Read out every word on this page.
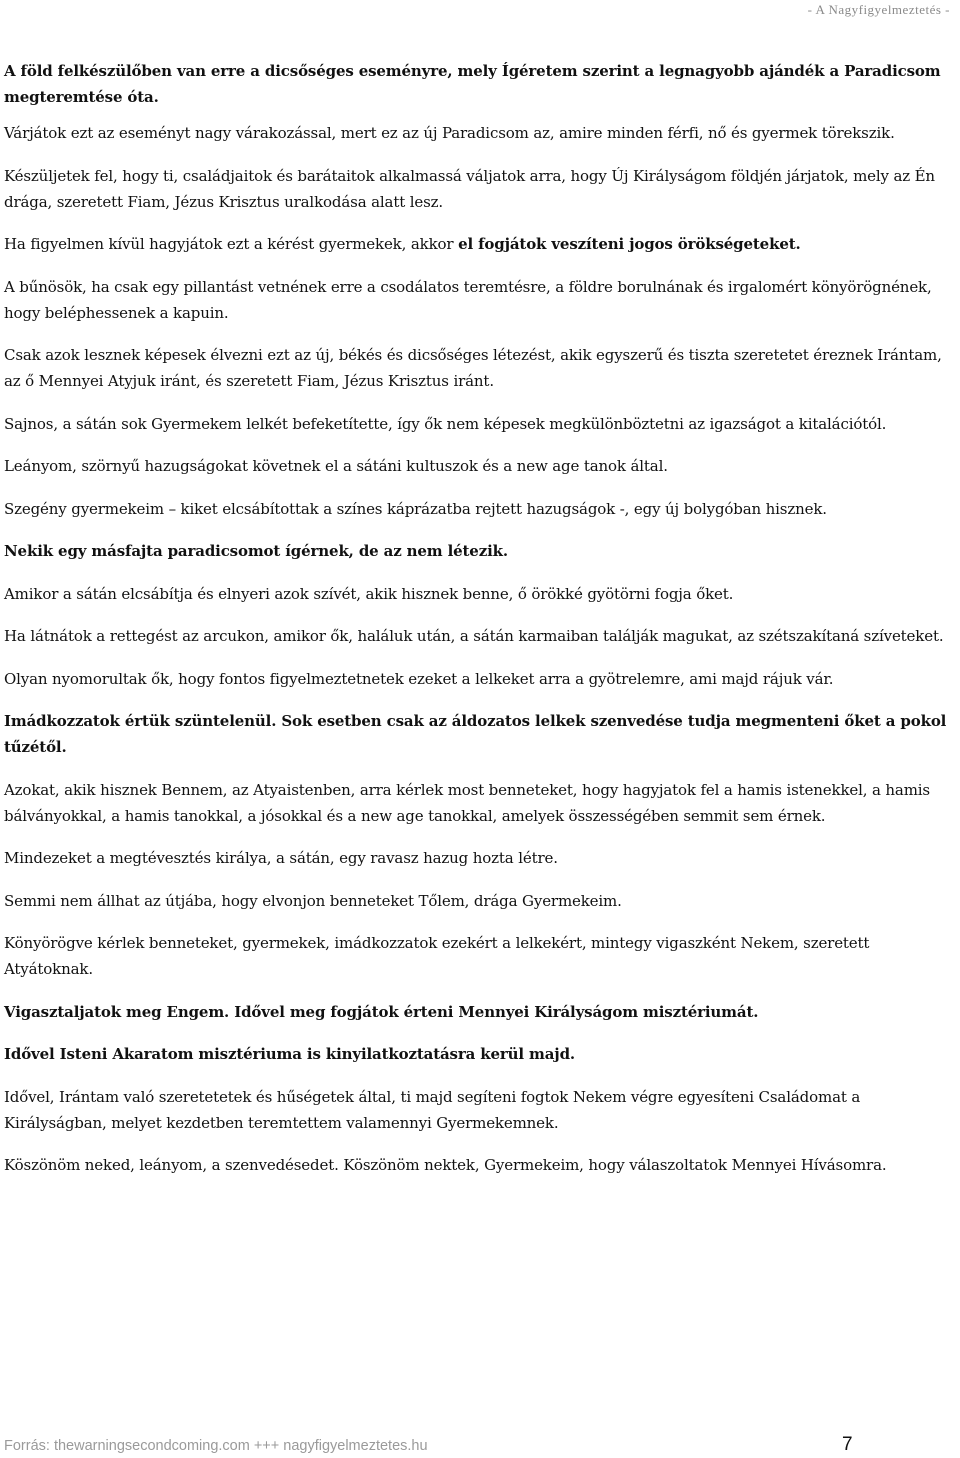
- A Nagyfigyelmeztetés -

A föld felkészülőben van erre a dicsőséges eseményre, mely Ígéretem szerint a legnagyobb ajándék a Paradicsom megteremtése óta.

Várjátok ezt az eseményt nagy várakozással, mert ez az új Paradicsom az, amire minden férfi, nő és gyermek törekszik.

Készüljetek fel, hogy ti, családjaitok és barátaitok alkalmassá váljatok arra, hogy Új Királyságom földjén járjatok, mely az Én drága, szeretett Fiam, Jézus Krisztus uralkodása alatt lesz.

Ha figyelmen kívül hagyjátok ezt a kérést gyermekek, akkor el fogjátok veszíteni jogos örökségeteket.

A bűnösök, ha csak egy pillantást vetnének erre a csodálatos teremtésre, a földre borulnának és irgalomért könyörögnének, hogy beléphessenek a kapuin.

Csak azok lesznek képesek élvezni ezt az új, békés és dicsőséges létezést, akik egyszerű és tiszta szeretetet éreznek Irántam, az ő Mennyei Atyjuk iránt, és szeretett Fiam, Jézus Krisztus iránt.

Sajnos, a sátán sok Gyermekem lelkét befeketítette, így ők nem képesek megkülönböztetni az igazságot a kitalációtól.

Leányom, szörnyű hazugságokat követnek el a sátáni kultuszok és a new age tanok által.

Szegény gyermekeim – kiket elcsábítottak a színes káprázatba rejtett hazugságok -, egy új bolygóban hisznek.

Nekik egy másfajta paradicsomot ígérnek, de az nem létezik.

Amikor a sátán elcsábítja és elnyeri azok szívét, akik hisznek benne, ő örökké gyötörni fogja őket.

Ha látnátok a rettegést az arcukon, amikor ők, haláluk után, a sátán karmaiban találják magukat, az szétszakítaná szíveteket.

Olyan nyomorultak ők, hogy fontos figyelmeztetnetek ezeket a lelkeket arra a gyötrelemre, ami majd rájuk vár.

Imádkozzatok értük szüntelenül. Sok esetben csak az áldozatos lelkek szenvedése tudja megmenteni őket a pokol tűzétől.

Azokat, akik hisznek Bennem, az Atyaistenben, arra kérlek most benneteket, hogy hagyjatok fel a hamis istenekkel, a hamis bálványokkal, a hamis tanokkal, a jósokkal és a new age tanokkal, amelyek összességében semmit sem érnek.

Mindezeket a megtévesztés királya, a sátán, egy ravasz hazug hozta létre.

Semmi nem állhat az útjába, hogy elvonjon benneteket Tőlem, drága Gyermekeim.

Könyörögve kérlek benneteket, gyermekek, imádkozzatok ezekért a lelkekért, mintegy vigaszként Nekem, szeretett Atyátoknak.

Vigasztaljatok meg Engem. Idővel meg fogjátok érteni Mennyei Királyságom misztériumát.

Idővel Isteni Akaratom misztériuma is kinyilatkoztatásra kerül majd.

Idővel, Irántam való szeretetetek és hűségetek által, ti majd segíteni fogtok Nekem végre egyesíteni Családomat a Királyságban, melyet kezdetben teremtettem valamennyi Gyermekemnek.

Köszönöm neked, leányom, a szenvedésedet. Köszönöm nektek, Gyermekeim, hogy válaszoltatok Mennyei Hívásomra.

Forrás: thewarningsecondcoming.com +++ nagyfigyelmeztetes.hu	7
